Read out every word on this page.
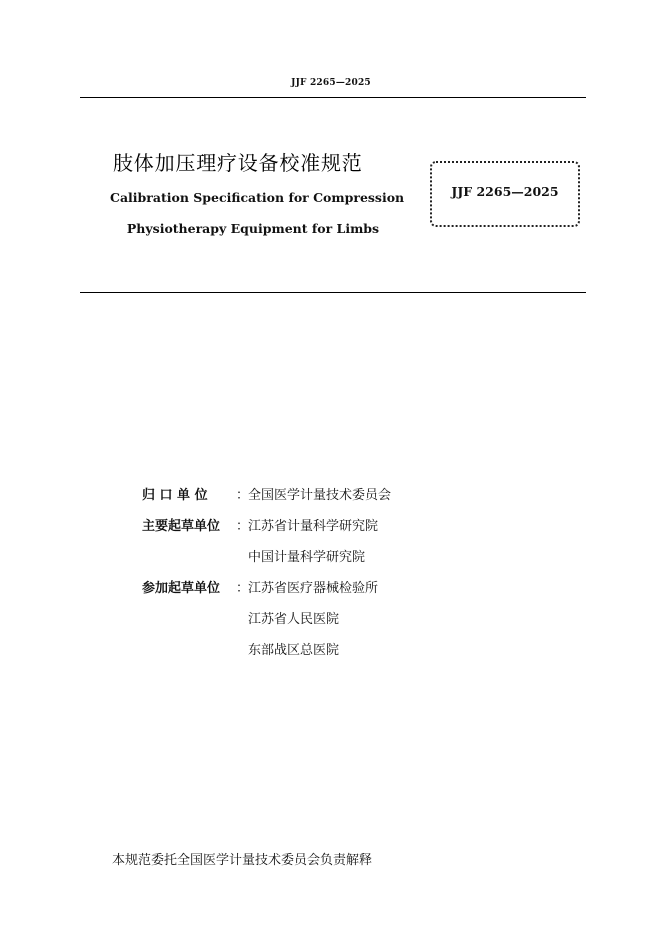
JJF 2265—2025
肢体加压理疗设备校准规范
Calibration Specification for Compression
Physiotherapy Equipment for Limbs
JJF 2265—2025
归 口 单 位	：
全国医学计量技术委员会
主要起草单位	：
江苏省计量科学研究院
中国计量科学研究院
参加起草单位	：
江苏省医疗器械检验所
江苏省人民医院
东部战区总医院
本规范委托全国医学计量技术委员会负责解释
